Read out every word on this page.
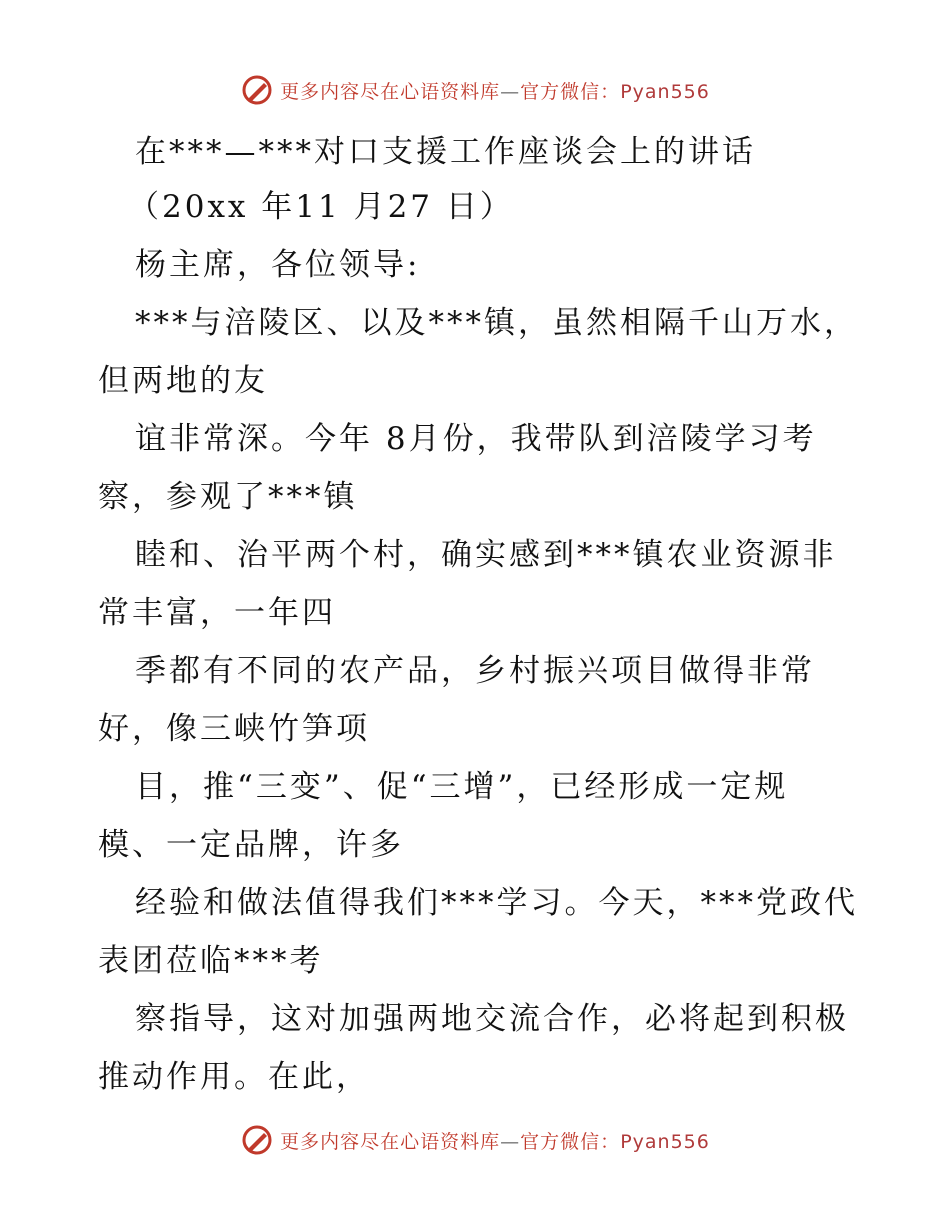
更多内容尽在心语资料库—官方微信：Pyan556
在***—***对口支援工作座谈会上的讲话
（20xx 年11 月27 日）
杨主席，各位领导:
***与涪陵区、以及***镇，虽然相隔千山万水，
但两地的友
谊非常深。今年 8月份，我带队到涪陵学习考
察，参观了***镇
睦和、治平两个村，确实感到***镇农业资源非
常丰富，一年四
季都有不同的农产品，乡村振兴项目做得非常
好，像三峡竹笋项
目，推“三变”、促“三增”，已经形成一定规
模、一定品牌，许多
经验和做法值得我们***学习。今天，***党政代
表团莅临***考
察指导，这对加强两地交流合作，必将起到积极
推动作用。在此，
更多内容尽在心语资料库—官方微信：Pyan556
